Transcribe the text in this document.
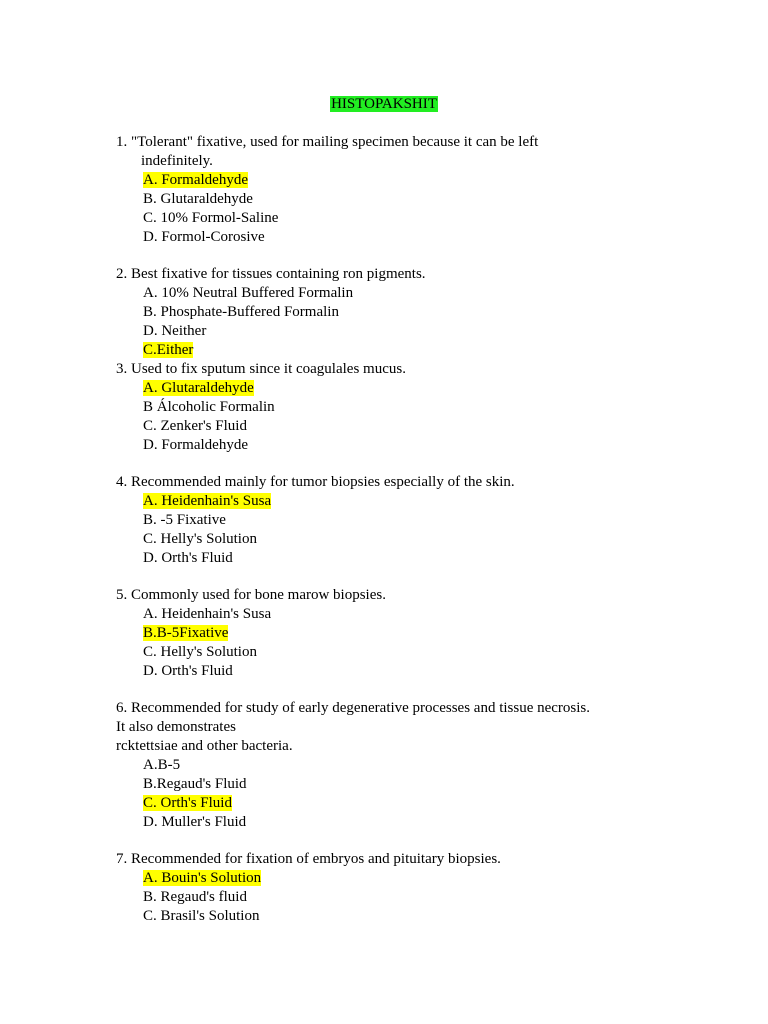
HISTOPAKSHIT
1. "Tolerant" fixative, used for mailing specimen because it can be left
indefinitely.
A. Formaldehyde
B. Glutaraldehyde
C. 10% Formol-Saline
D. Formol-Corosive
2. Best fixative for tissues containing ron pigments.
A. 10% Neutral Buffered Formalin
B. Phosphate-Buffered Formalin
D. Neither
C.Either
3. Used to fix sputum since it coagulales mucus.
A. Glutaraldehyde
B Álcoholic Formalin
C. Zenker's Fluid
D. Formaldehyde
4. Recommended mainly for tumor biopsies especially of the skin.
A. Heidenhain's Susa
B. -5 Fixative
C. Helly's Solution
D. Orth's Fluid
5. Commonly used for bone marow biopsies.
A. Heidenhain's Susa
B.B-5Fixative
C. Helly's Solution
D. Orth's Fluid
6. Recommended for study of early degenerative processes and tissue necrosis.
It also demonstrates
rcktettsiae and other bacteria.
A.B-5
B.Regaud's Fluid
C. Orth's Fluid
D. Muller's Fluid
7. Recommended for fixation of embryos and pituitary biopsies.
A. Bouin's Solution
B. Regaud's fluid
C. Brasil's Solution
